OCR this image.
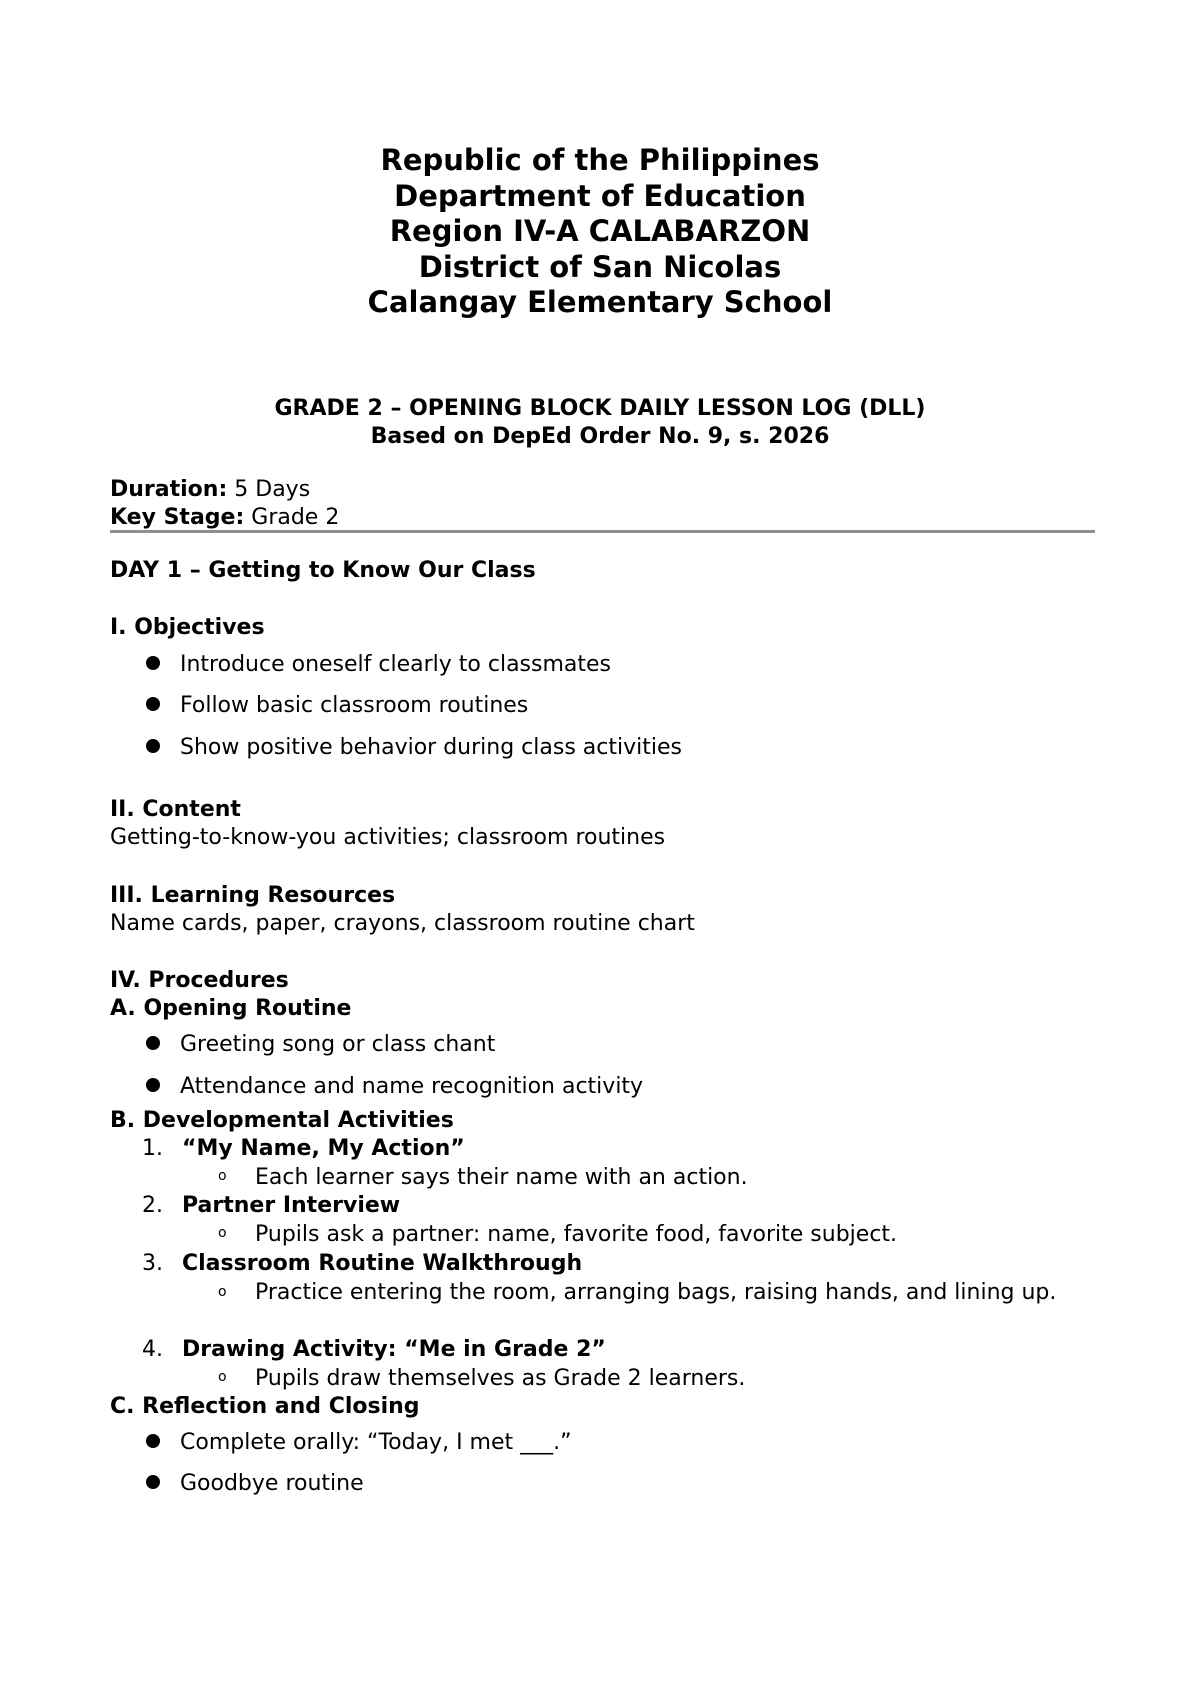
Republic of the Philippines
Department of Education
Region IV-A CALABARZON
District of San Nicolas
Calangay Elementary School
GRADE 2 – OPENING BLOCK DAILY LESSON LOG (DLL)
Based on DepEd Order No. 9, s. 2026
Duration: 5 Days
Key Stage: Grade 2
DAY 1 – Getting to Know Our Class
I. Objectives
Introduce oneself clearly to classmates
Follow basic classroom routines
Show positive behavior during class activities
II. Content
Getting-to-know-you activities; classroom routines
III. Learning Resources
Name cards, paper, crayons, classroom routine chart
IV. Procedures
A. Opening Routine
Greeting song or class chant
Attendance and name recognition activity
B. Developmental Activities
1. “My Name, My Action”
o Each learner says their name with an action.
2. Partner Interview
o Pupils ask a partner: name, favorite food, favorite subject.
3. Classroom Routine Walkthrough
o Practice entering the room, arranging bags, raising hands, and lining up.
4. Drawing Activity: “Me in Grade 2”
o Pupils draw themselves as Grade 2 learners.
C. Reflection and Closing
Complete orally: “Today, I met ___.”
Goodbye routine
